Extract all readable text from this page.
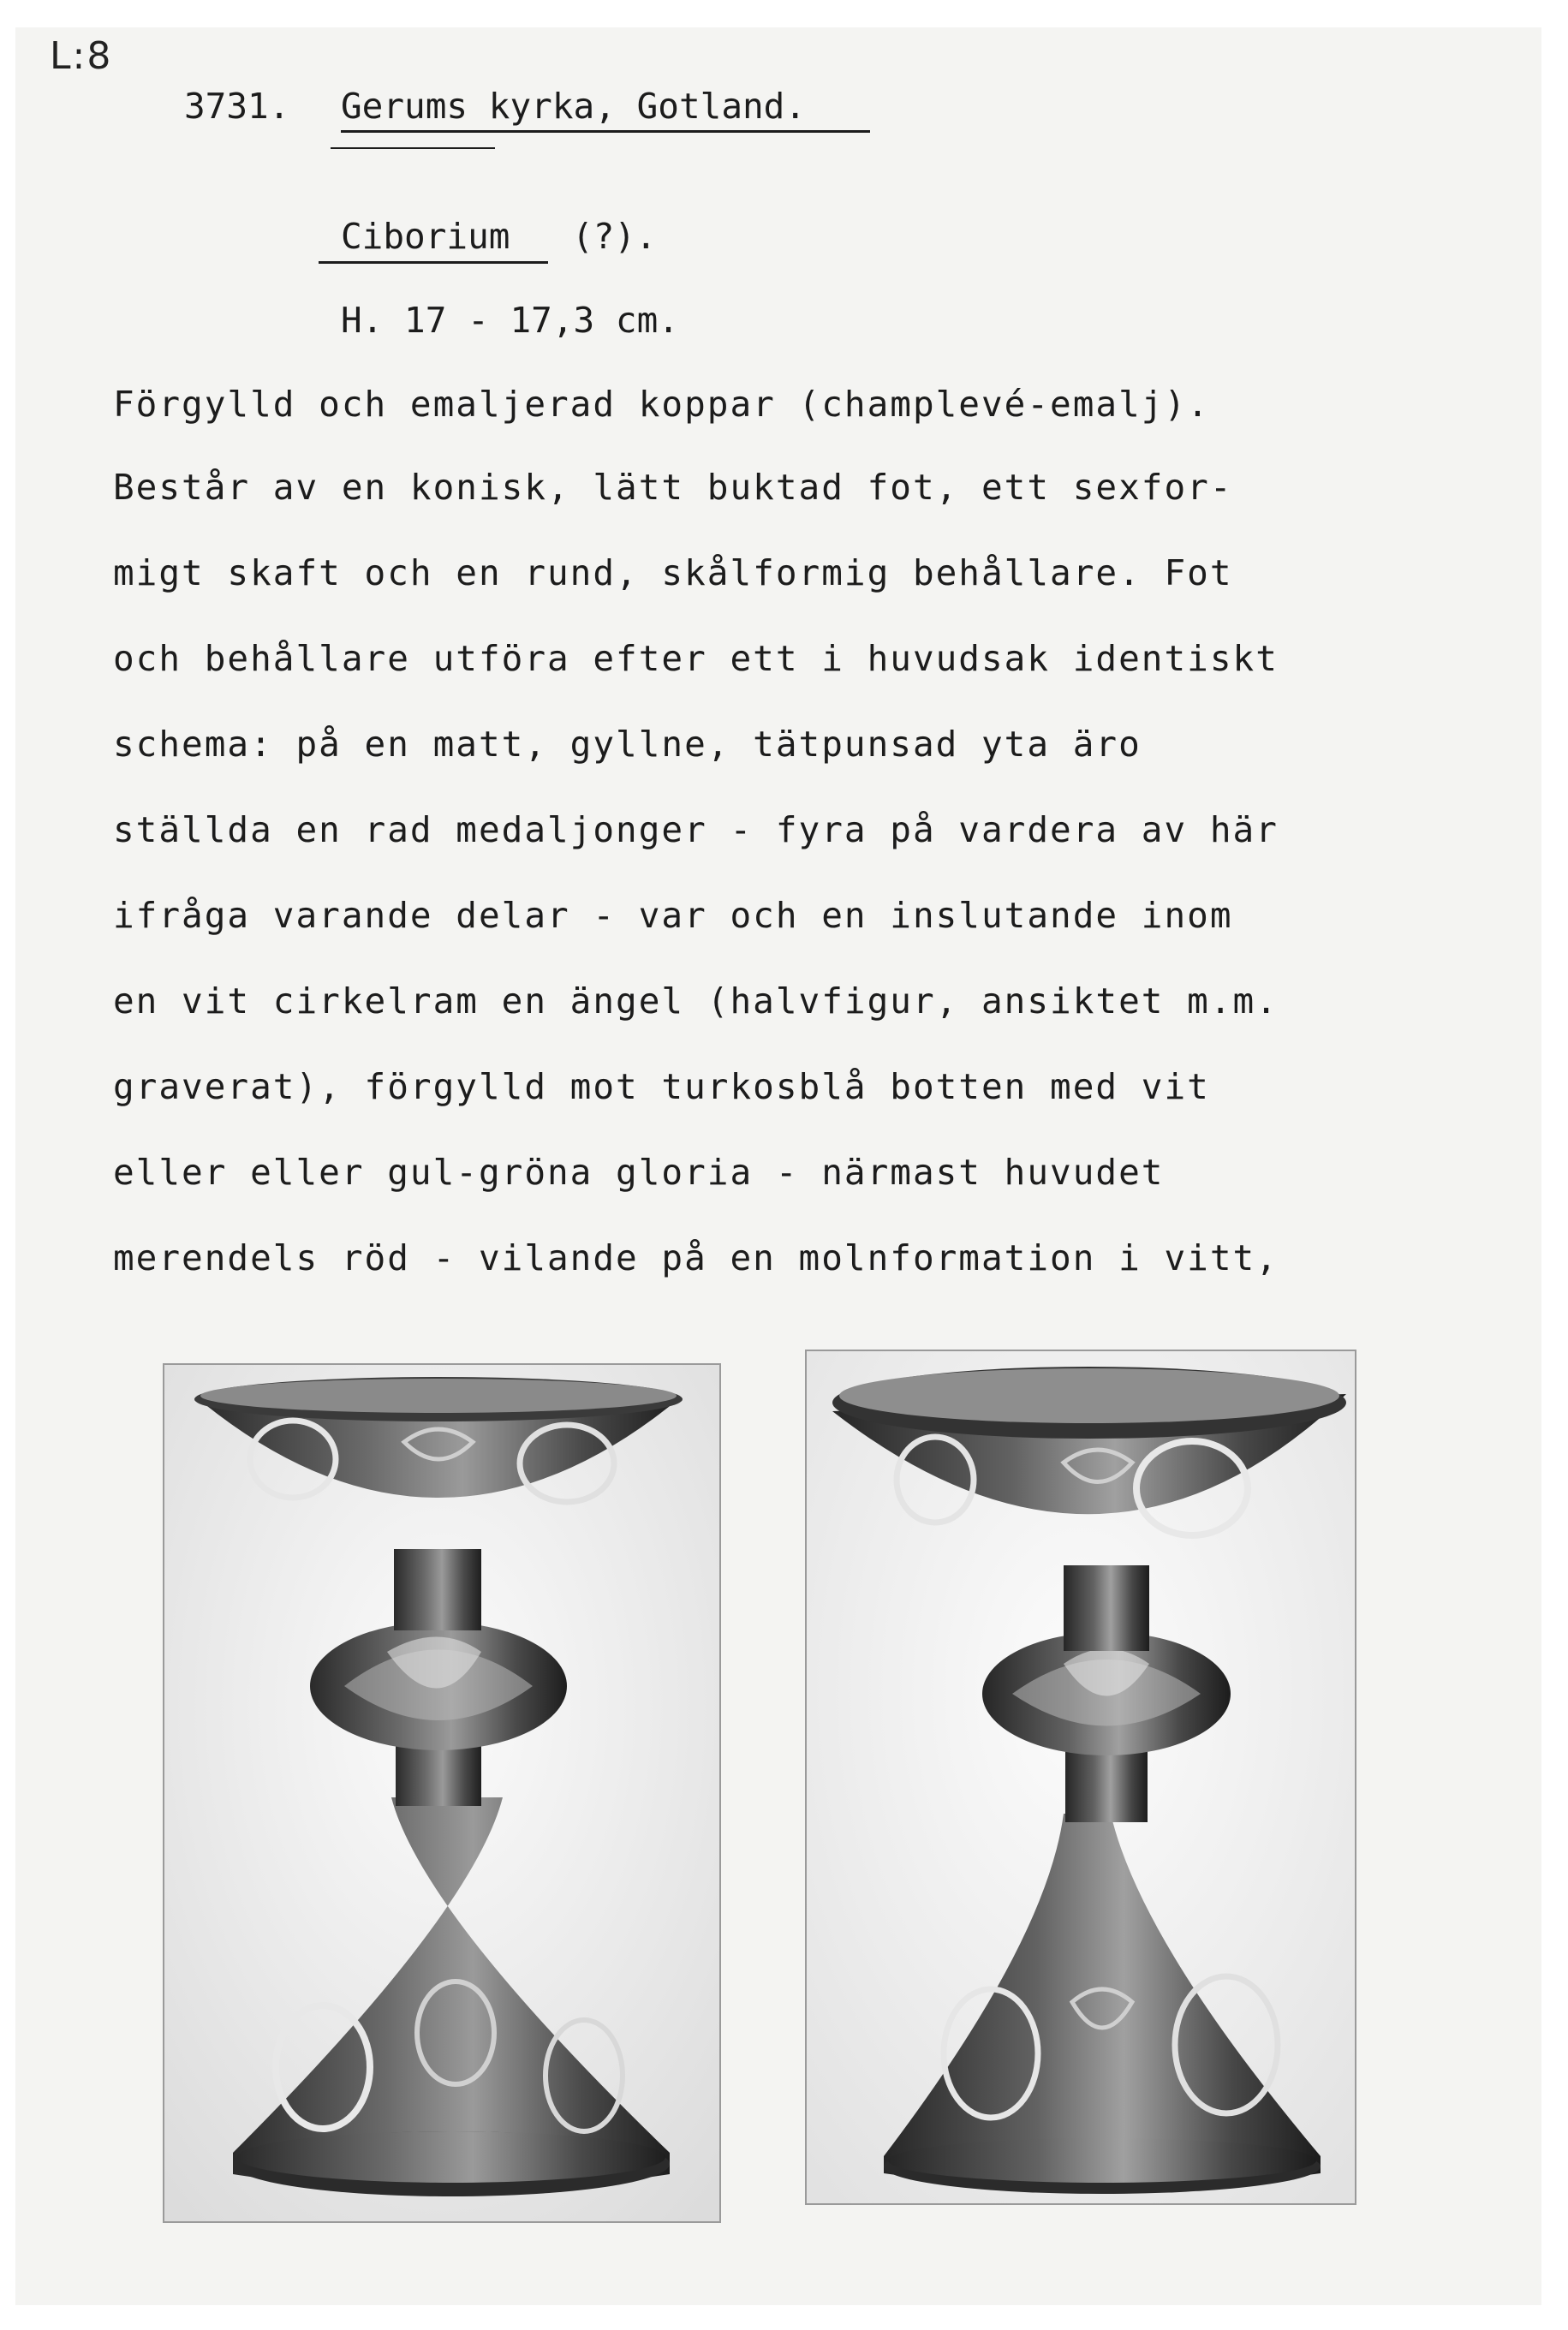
L:8
3731. Gerums kyrka, Gotland.
Ciborium (?).
H. 17 - 17,3 cm.
Förgylld och emaljerad koppar (champlevé-emalj).
Består av en konisk, lätt buktad fot, ett sexfor-
migt skaft och en rund, skålformig behållare. Fot
och behållare utföra efter ett i huvudsak identiskt
schema: på en matt, gyllne, tätpunsad yta äro
ställda en rad medaljonger - fyra på vardera av här
ifråga varande delar - var och en inslutande inom
en vit cirkelram en ängel (halvfigur, ansiktet m.m.
graverat), förgylld mot turkosblå botten med vit
eller eller gul-gröna gloria - närmast huvudet
merendels röd - vilande på en molnformation i vitt,
